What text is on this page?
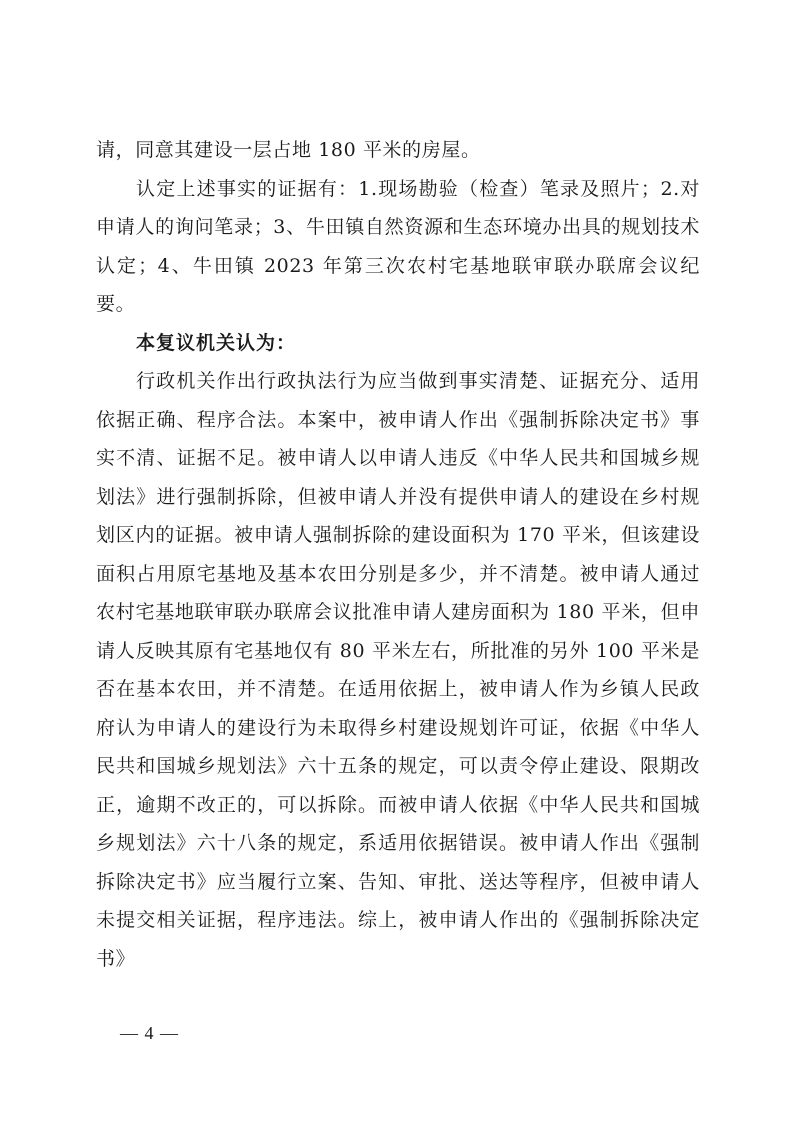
请，同意其建设一层占地 180 平米的房屋。

认定上述事实的证据有：1.现场勘验（检查）笔录及照片；2.对申请人的询问笔录；3、牛田镇自然资源和生态环境办出具的规划技术认定；4、牛田镇 2023 年第三次农村宅基地联审联办联席会议纪要。

本复议机关认为：

行政机关作出行政执法行为应当做到事实清楚、证据充分、适用依据正确、程序合法。本案中，被申请人作出《强制拆除决定书》事实不清、证据不足。被申请人以申请人违反《中华人民共和国城乡规划法》进行强制拆除，但被申请人并没有提供申请人的建设在乡村规划区内的证据。被申请人强制拆除的建设面积为 170 平米，但该建设面积占用原宅基地及基本农田分别是多少，并不清楚。被申请人通过农村宅基地联审联办联席会议批准申请人建房面积为 180 平米，但申请人反映其原有宅基地仅有 80 平米左右，所批准的另外 100 平米是否在基本农田，并不清楚。在适用依据上，被申请人作为乡镇人民政府认为申请人的建设行为未取得乡村建设规划许可证，依据《中华人民共和国城乡规划法》六十五条的规定，可以责令停止建设、限期改正，逾期不改正的，可以拆除。而被申请人依据《中华人民共和国城乡规划法》六十八条的规定，系适用依据错误。被申请人作出《强制拆除决定书》应当履行立案、告知、审批、送达等程序，但被申请人未提交相关证据，程序违法。综上，被申请人作出的《强制拆除决定书》

— 4 —
